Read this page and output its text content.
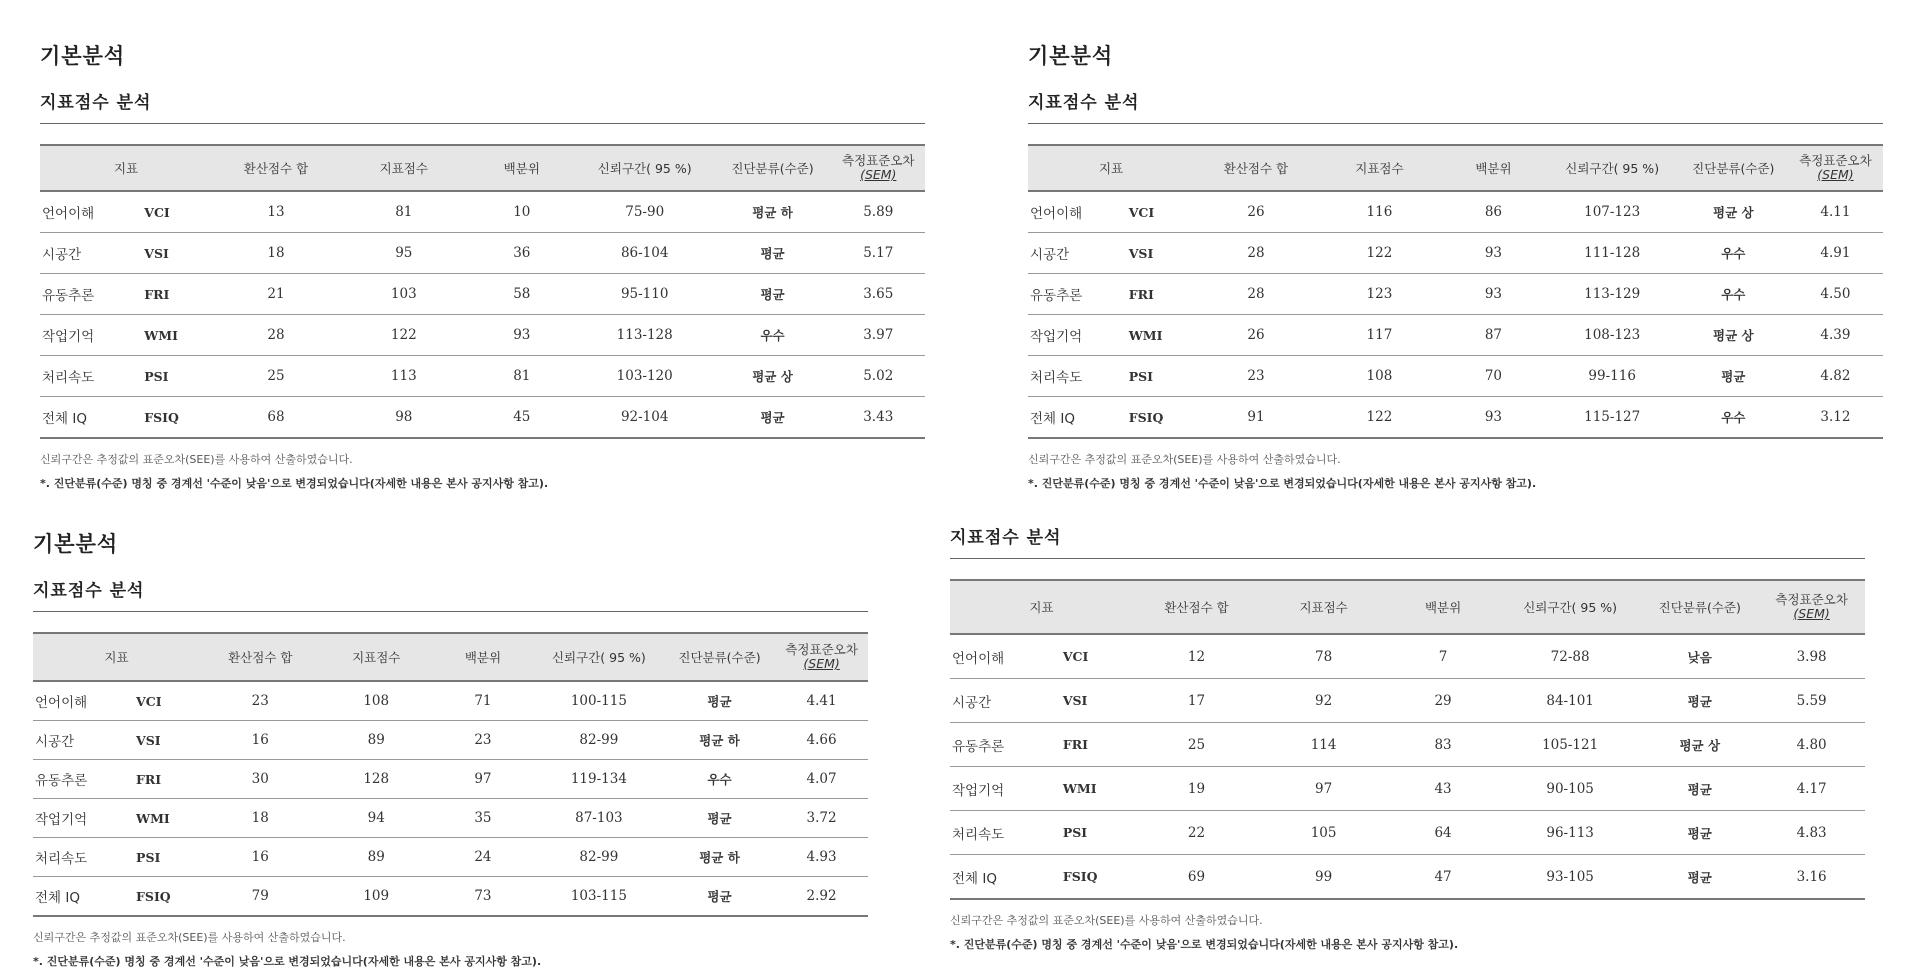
기본분석
지표점수 분석
지표		환산점수 합	지표점수	백분위	신뢰구간( 95 %)	진단분류(수준)	측정표준오차
(SEM)

언어이해	VCI	13	81	10	75-90	평균 하	5.89
시공간	VSI	18	95	36	86-104	평균	5.17
유동추론	FRI	21	103	58	95-110	평균	3.65
작업기억	WMI	28	122	93	113-128	우수	3.97
처리속도	PSI	25	113	81	103-120	평균 상	5.02
전체 IQ	FSIQ	68	98	45	92-104	평균	3.43
신뢰구간은 추정값의 표준오차(SEE)를 사용하여 산출하였습니다.
*. 진단분류(수준) 명칭 중 경계선 '수준이 낮음'으로 변경되었습니다(자세한 내용은 본사 공지사항 참고).
기본분석
지표점수 분석
지표		환산점수 합	지표점수	백분위	신뢰구간( 95 %)	진단분류(수준)	측정표준오차
(SEM)

언어이해	VCI	26	116	86	107-123	평균 상	4.11
시공간	VSI	28	122	93	111-128	우수	4.91
유동추론	FRI	28	123	93	113-129	우수	4.50
작업기억	WMI	26	117	87	108-123	평균 상	4.39
처리속도	PSI	23	108	70	99-116	평균	4.82
전체 IQ	FSIQ	91	122	93	115-127	우수	3.12
신뢰구간은 추정값의 표준오차(SEE)를 사용하여 산출하였습니다.
*. 진단분류(수준) 명칭 중 경계선 '수준이 낮음'으로 변경되었습니다(자세한 내용은 본사 공지사항 참고).
기본분석
지표점수 분석
지표		환산점수 합	지표점수	백분위	신뢰구간( 95 %)	진단분류(수준)	측정표준오차
(SEM)

언어이해	VCI	23	108	71	100-115	평균	4.41
시공간	VSI	16	89	23	82-99	평균 하	4.66
유동추론	FRI	30	128	97	119-134	우수	4.07
작업기억	WMI	18	94	35	87-103	평균	3.72
처리속도	PSI	16	89	24	82-99	평균 하	4.93
전체 IQ	FSIQ	79	109	73	103-115	평균	2.92
신뢰구간은 추정값의 표준오차(SEE)를 사용하여 산출하였습니다.
*. 진단분류(수준) 명칭 중 경계선 '수준이 낮음'으로 변경되었습니다(자세한 내용은 본사 공지사항 참고).
지표점수 분석
지표		환산점수 합	지표점수	백분위	신뢰구간( 95 %)	진단분류(수준)	측정표준오차
(SEM)

언어이해	VCI	12	78	7	72-88	낮음	3.98
시공간	VSI	17	92	29	84-101	평균	5.59
유동추론	FRI	25	114	83	105-121	평균 상	4.80
작업기억	WMI	19	97	43	90-105	평균	4.17
처리속도	PSI	22	105	64	96-113	평균	4.83
전체 IQ	FSIQ	69	99	47	93-105	평균	3.16
신뢰구간은 추정값의 표준오차(SEE)를 사용하여 산출하였습니다.
*. 진단분류(수준) 명칭 중 경계선 '수준이 낮음'으로 변경되었습니다(자세한 내용은 본사 공지사항 참고).
